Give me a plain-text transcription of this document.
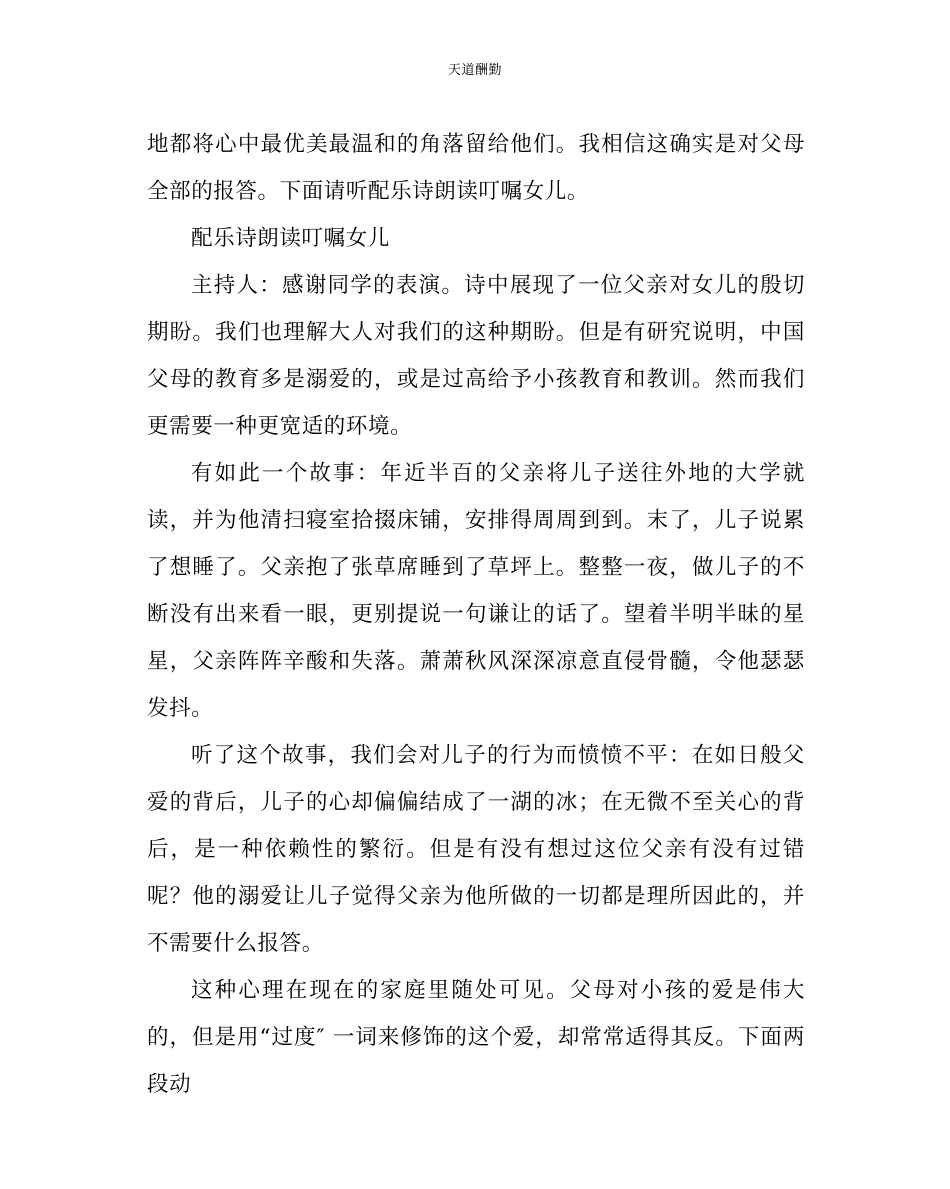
天道酬勤

地都将心中最优美最温和的角落留给他们。我相信这确实是对父母全部的报答。下面请听配乐诗朗读叮嘱女儿。

配乐诗朗读叮嘱女儿

主持人：感谢同学的表演。诗中展现了一位父亲对女儿的殷切期盼。我们也理解大人对我们的这种期盼。但是有研究说明，中国父母的教育多是溺爱的，或是过高给予小孩教育和教训。然而我们更需要一种更宽适的环境。

有如此一个故事：年近半百的父亲将儿子送往外地的大学就读，并为他清扫寝室拾掇床铺，安排得周周到到。末了，儿子说累了想睡了。父亲抱了张草席睡到了草坪上。整整一夜，做儿子的不断没有出来看一眼，更别提说一句谦让的话了。望着半明半昧的星星，父亲阵阵辛酸和失落。萧萧秋风深深凉意直侵骨髓，令他瑟瑟发抖。

听了这个故事，我们会对儿子的行为而愤愤不平：在如日般父爱的背后，儿子的心却偏偏结成了一湖的冰；在无微不至关心的背后，是一种依赖性的繁衍。但是有没有想过这位父亲有没有过错呢？他的溺爱让儿子觉得父亲为他所做的一切都是理所因此的，并不需要什么报答。

这种心理在现在的家庭里随处可见。父母对小孩的爱是伟大的，但是用“过度″ 一词来修饰的这个爱，却常常适得其反。下面两段动
